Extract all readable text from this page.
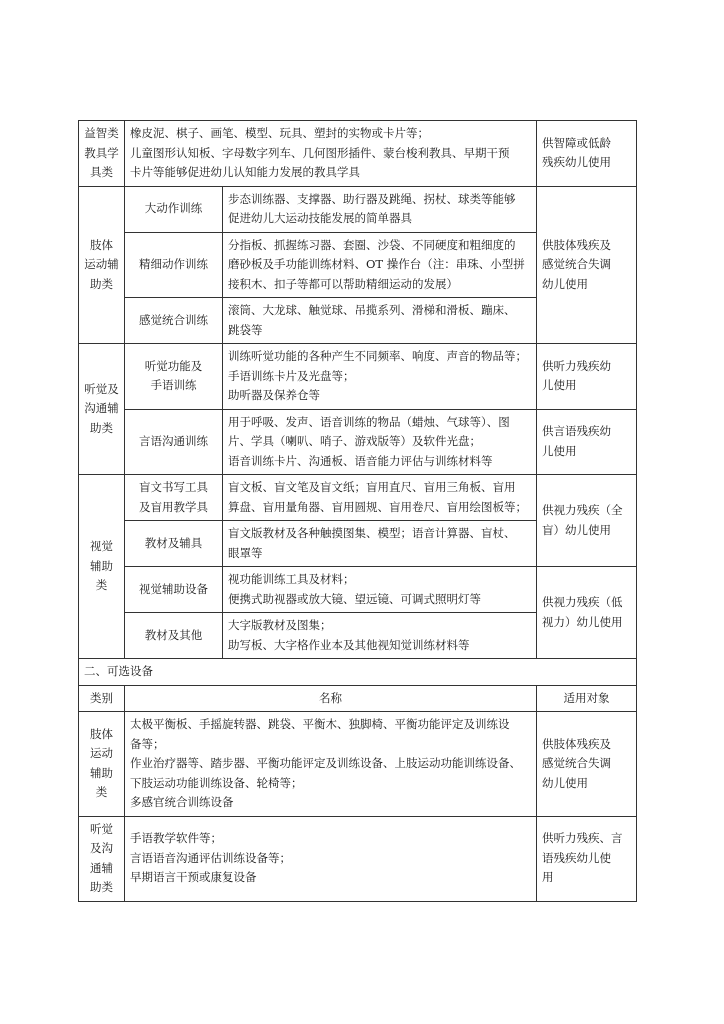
益智类
教具学
具类	橡皮泥、棋子、画笔、模型、玩具、塑封的实物或卡片等；
儿童图形认知板、字母数字列车、几何图形插件、蒙台梭利教具、早期干预
卡片等能够促进幼儿认知能力发展的教具学具		供智障或低龄
残疾幼儿使用

肢体
运动辅
助类	大动作训练	步态训练器、支撑器、助行器及跳绳、拐杖、球类等能够
促进幼儿大运动技能发展的简单器具	供肢体残疾及
感觉统合失调
幼儿使用

	精细动作训练	分指板、抓握练习器、套圈、沙袋、不同硬度和粗细度的
磨砂板及手功能训练材料、OT 操作台（注：串珠、小型拼
接积木、扣子等都可以帮助精细运动的发展）	

	感觉统合训练	滚筒、大龙球、触觉球、吊揽系列、滑梯和滑板、蹦床、
跳袋等	

听觉及
沟通辅
助类	听觉功能及
手语训练	训练听觉功能的各种产生不同频率、响度、声音的物品等；
手语训练卡片及光盘等；
助听器及保养仓等	供听力残疾幼
儿使用

	言语沟通训练	用于呼吸、发声、语音训练的物品（蜡烛、气球等）、图
片、学具（喇叭、哨子、游戏版等）及软件光盘；
语音训练卡片、沟通板、语音能力评估与训练材料等	供言语残疾幼
儿使用

视觉
辅助
类	盲文书写工具
及盲用教学具	盲文板、盲文笔及盲文纸；盲用直尺、盲用三角板、盲用
算盘、盲用量角器、盲用圆规、盲用卷尺、盲用绘图板等；	供视力残疾（全
盲）幼儿使用

	教材及辅具	盲文版教材及各种触摸图集、模型；语音计算器、盲杖、
眼罩等	

	视觉辅助设备	视功能训练工具及材料；
便携式助视器或放大镜、望远镜、可调式照明灯等	供视力残疾（低
视力）幼儿使用

	教材及其他	大字版教材及图集；
助写板、大字格作业本及其他视知觉训练材料等	

二、可选设备			
类别	名称		适用对象

肢体
运动
辅助
类	太极平衡板、手摇旋转器、跳袋、平衡木、独脚椅、平衡功能评定及训练设
备等；
作业治疗器等、踏步器、平衡功能评定及训练设备、上肢运动功能训练设备、
下肢运动功能训练设备、轮椅等；
多感官统合训练设备		供肢体残疾及
感觉统合失调
幼儿使用

听觉
及沟
通辅
助类	手语教学软件等；
言语语音沟通评估训练设备等；
早期语言干预或康复设备		供听力残疾、言
语残疾幼儿使
用
